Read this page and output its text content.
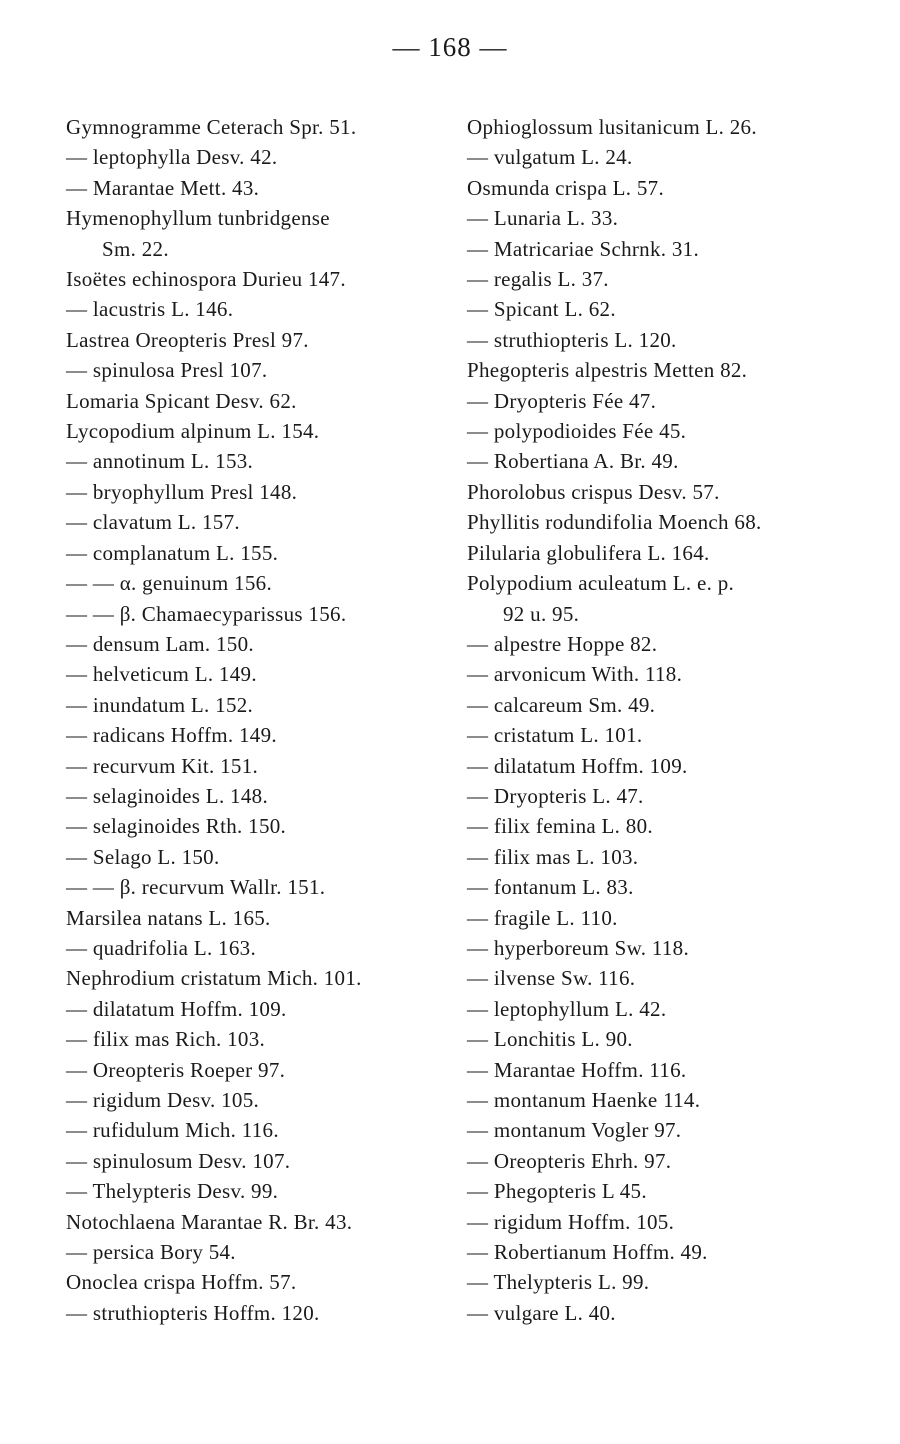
— 168 —
Gymnogramme Ceterach Spr. 51.
— leptophylla Desv. 42.
— Marantae Mett. 43.
Hymenophyllum tunbridgense
Sm. 22.
Isoëtes echinospora Durieu 147.
— lacustris L. 146.
Lastrea Oreopteris Presl 97.
— spinulosa Presl 107.
Lomaria Spicant Desv. 62.
Lycopodium alpinum L. 154.
— annotinum L. 153.
— bryophyllum Presl 148.
— clavatum L. 157.
— complanatum L. 155.
— — α. genuinum 156.
— — β. Chamaecyparissus 156.
— densum Lam. 150.
— helveticum L. 149.
— inundatum L. 152.
— radicans Hoffm. 149.
— recurvum Kit. 151.
— selaginoides L. 148.
— selaginoides Rth. 150.
— Selago L. 150.
— — β. recurvum Wallr. 151.
Marsilea natans L. 165.
— quadrifolia L. 163.
Nephrodium cristatum Mich. 101.
— dilatatum Hoffm. 109.
— filix mas Rich. 103.
— Oreopteris Roeper 97.
— rigidum Desv. 105.
— rufidulum Mich. 116.
— spinulosum Desv. 107.
— Thelypteris Desv. 99.
Notochlaena Marantae R. Br. 43.
— persica Bory 54.
Onoclea crispa Hoffm. 57.
— struthiopteris Hoffm. 120.
Ophioglossum lusitanicum L. 26.
— vulgatum L. 24.
Osmunda crispa L. 57.
— Lunaria L. 33.
— Matricariae Schrnk. 31.
— regalis L. 37.
— Spicant L. 62.
— struthiopteris L. 120.
Phegopteris alpestris Metten 82.
— Dryopteris Fée 47.
— polypodioides Fée 45.
— Robertiana A. Br. 49.
Phorolobus crispus Desv. 57.
Phyllitis rodundifolia Moench 68.
Pilularia globulifera L. 164.
Polypodium aculeatum L. e. p.
92 u. 95.
— alpestre Hoppe 82.
— arvonicum With. 118.
— calcareum Sm. 49.
— cristatum L. 101.
— dilatatum Hoffm. 109.
— Dryopteris L. 47.
— filix femina L. 80.
— filix mas L. 103.
— fontanum L. 83.
— fragile L. 110.
— hyperboreum Sw. 118.
— ilvense Sw. 116.
— leptophyllum L. 42.
— Lonchitis L. 90.
— Marantae Hoffm. 116.
— montanum Haenke 114.
— montanum Vogler 97.
— Oreopteris Ehrh. 97.
— Phegopteris L 45.
— rigidum Hoffm. 105.
— Robertianum Hoffm. 49.
— Thelypteris L. 99.
— vulgare L. 40.
